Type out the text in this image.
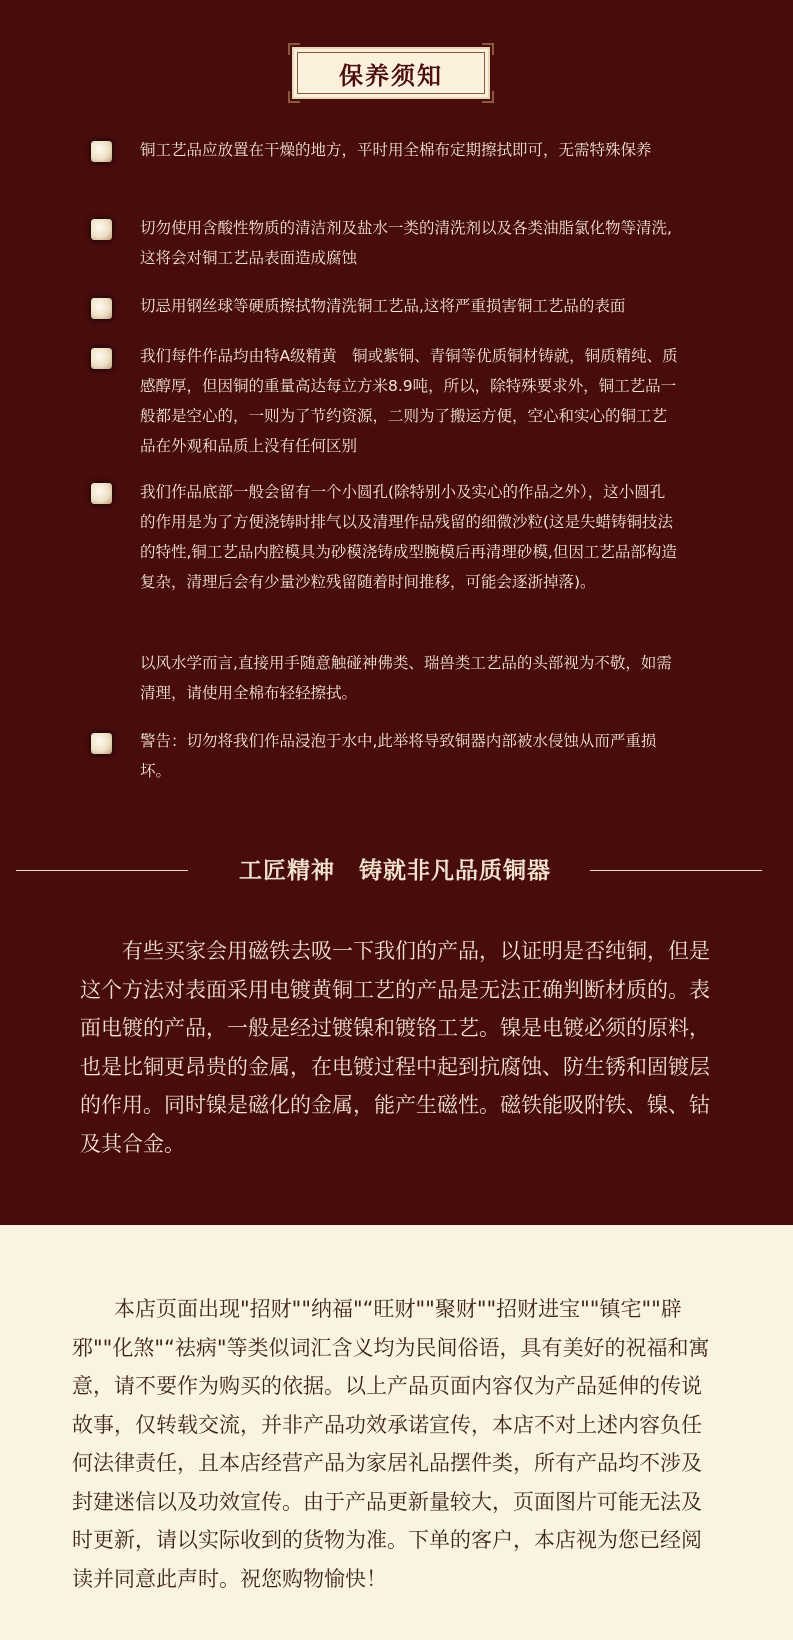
保养须知
铜工艺品应放置在干燥的地方，平时用全棉布定期擦拭即可，无需特殊保养
切勿使用含酸性物质的清洁剂及盐水一类的清洗剂以及各类油脂氯化物等清洗,这将会对铜工艺品表面造成腐蚀
切忌用钢丝球等硬质擦拭物清洗铜工艺品,这将严重损害铜工艺品的表面
我们每件作品均由特A级精黄　铜或紫铜、青铜等优质铜材铸就，铜质精纯、质感醇厚，但因铜的重量高达每立方米8.9吨，所以，除特殊要求外，铜工艺品一般都是空心的，一则为了节约资源，二则为了搬运方便，空心和实心的铜工艺品在外观和品质上没有任何区别
我们作品底部一般会留有一个小圆孔(除特别小及实心的作品之外），这小圆孔的作用是为了方便浇铸时排气以及清理作品残留的细微沙粒(这是失蜡铸铜技法的特性,铜工艺品内腔模具为砂模浇铸成型腕模后再清理砂模,但因工艺品部构造复杂，清理后会有少量沙粒残留随着时间推移，可能会逐浙掉落)。
以风水学而言,直接用手随意触碰神佛类、瑞兽类工艺品的头部视为不敬，如需清理，请使用全棉布轻轻擦拭。
警告：切勿将我们作品浸泡于水中,此举将导致铜器内部被水侵蚀从而严重损坏。
工匠精神　铸就非凡品质铜器
有些买家会用磁铁去吸一下我们的产品，以证明是否纯铜，但是这个方法对表面采用电镀黄铜工艺的产品是无法正确判断材质的。表面电镀的产品，一般是经过镀镍和镀铬工艺。镍是电镀必须的原料，也是比铜更昂贵的金属，在电镀过程中起到抗腐蚀、防生锈和固镀层的作用。同时镍是磁化的金属，能产生磁性。磁铁能吸附铁、镍、钴及其合金。
本店页面出现"招财""纳福"“旺财""聚财""招财进宝""镇宅""辟邪""化煞"“祛病"等类似词汇含义均为民间俗语，具有美好的祝福和寓意，请不要作为购买的依据。以上产品页面内容仅为产品延伸的传说故事，仅转载交流，并非产品功效承诺宣传，本店不对上述内容负任何法律责任，且本店经营产品为家居礼品摆件类，所有产品均不涉及封建迷信以及功效宣传。由于产品更新量较大，页面图片可能无法及时更新，请以实际收到的货物为准。下单的客户，本店视为您已经阅读并同意此声时。祝您购物愉快！
